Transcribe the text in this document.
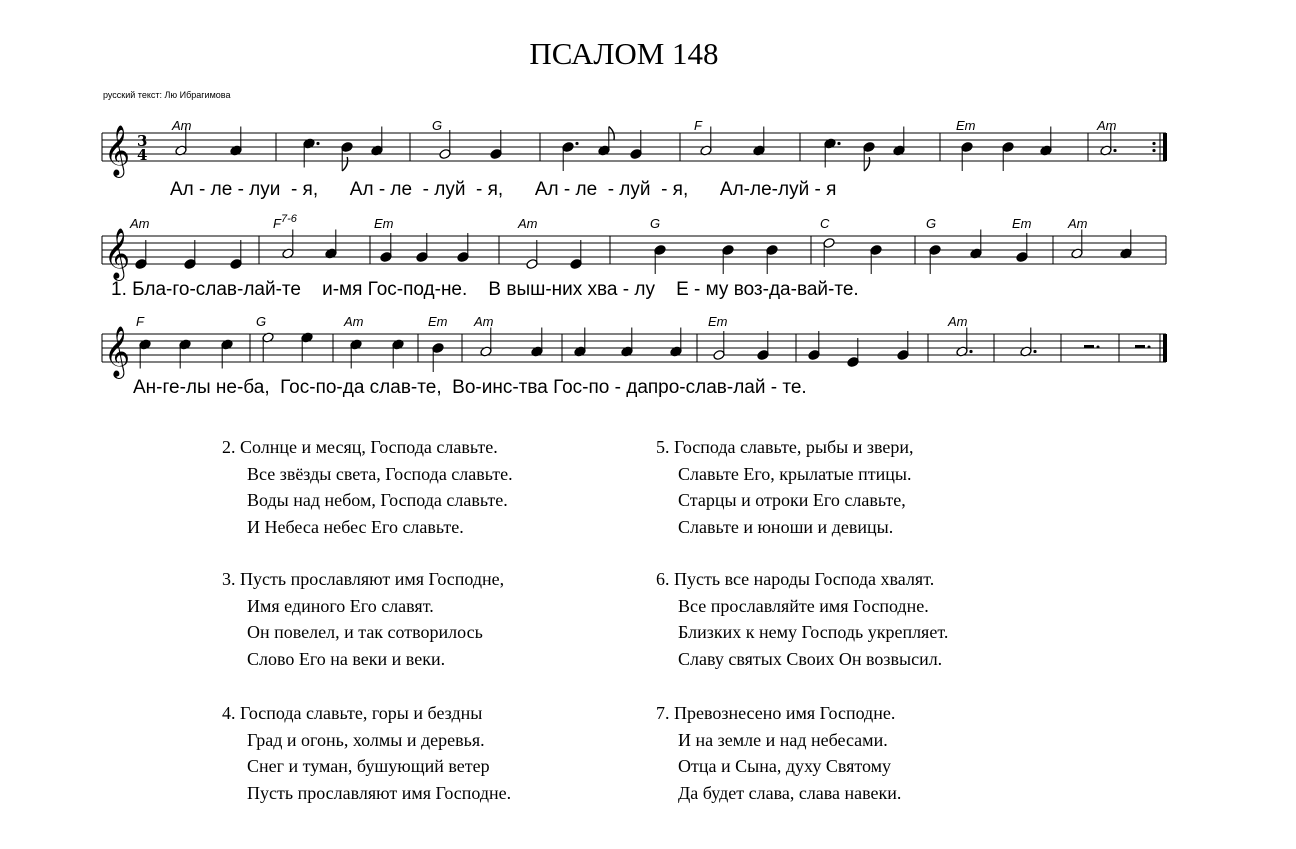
ПСАЛОМ 148
русский текст: Лю Ибрагимова
3
4
Am	G	F	Em	Am
𝄞
Am	$F^{7-6}$	Em	Am	G	C	G	Em	Am
𝄞
F	G	Am	Em Am	Em	Am
𝄞
Ал - ле - луи  - я,      Ал - ле  - луй  - я,      Ал - ле  - луй  - я,      Ал-ле-луй - я
1. Бла-го-слав-лай-те    и-мя Гос-под-не.    В выш-них хва - лу    Е - му воз-да-вай-те.
Ан-ге-лы не-ба,  Гос-по-да слав-те,  Во-инс-тва Гос-по - дапро-слав-лай - те.
2. Солнце и месяц, Господа славьте.
Все звёзды света, Господа славьте.
Воды над небом, Господа славьте.
И Небеса небес Его славьте.
5. Господа славьте, рыбы и звери,
Славьте Его, крылатые птицы.
Старцы и отроки Его славьте,
Славьте и юноши и девицы.
3. Пусть прославляют имя Господне,
Имя единого Его славят.
Он повелел, и так сотворилось
Слово Его на веки и веки.
6. Пусть все народы Господа хвалят.
Все прославляйте имя Господне.
Близких к нему Господь укрепляет.
Славу святых Своих Он возвысил.
4. Господа славьте, горы и бездны
Град и огонь, холмы и деревья.
Снег и туман, бушующий ветер
Пусть прославляют имя Господне.
7. Превознесено имя Господне.
И на земле и над небесами.
Отца и Сына, духу Святому
Да будет слава, слава навеки.
